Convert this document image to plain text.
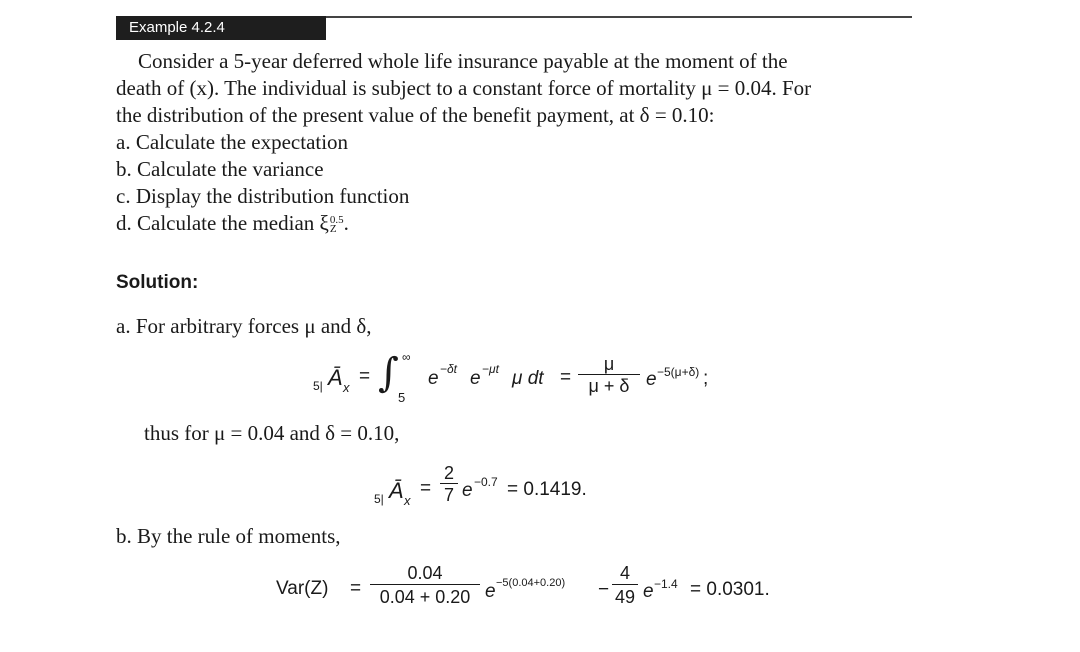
Example 4.2.4

Consider a 5-year deferred whole life insurance payable at the moment of the

death of (x). The individual is subject to a constant force of mortality μ = 0.04. For

the distribution of the present value of the benefit payment, at δ = 0.10:

a. Calculate the expectation

b. Calculate the variance

c. Display the distribution function

d. Calculate the median ξ 0.5
Z .

Solution:
a. For arbitrary forces μ and δ,
5| Ā x
= ∫ ∞
5
e −δt e −μt μ dt =
μ
μ + δ e −5(μ+δ) ;
thus for μ = 0.04 and δ = 0.10,
5| Ā x
=
2
7 e −0.7 = 0.1419.
b. By the rule of moments,
Var(Z) =
0.04
0.04 + 0.20 e −5(0.04+0.20) −
4
49 e −1.4 = 0.0301.
